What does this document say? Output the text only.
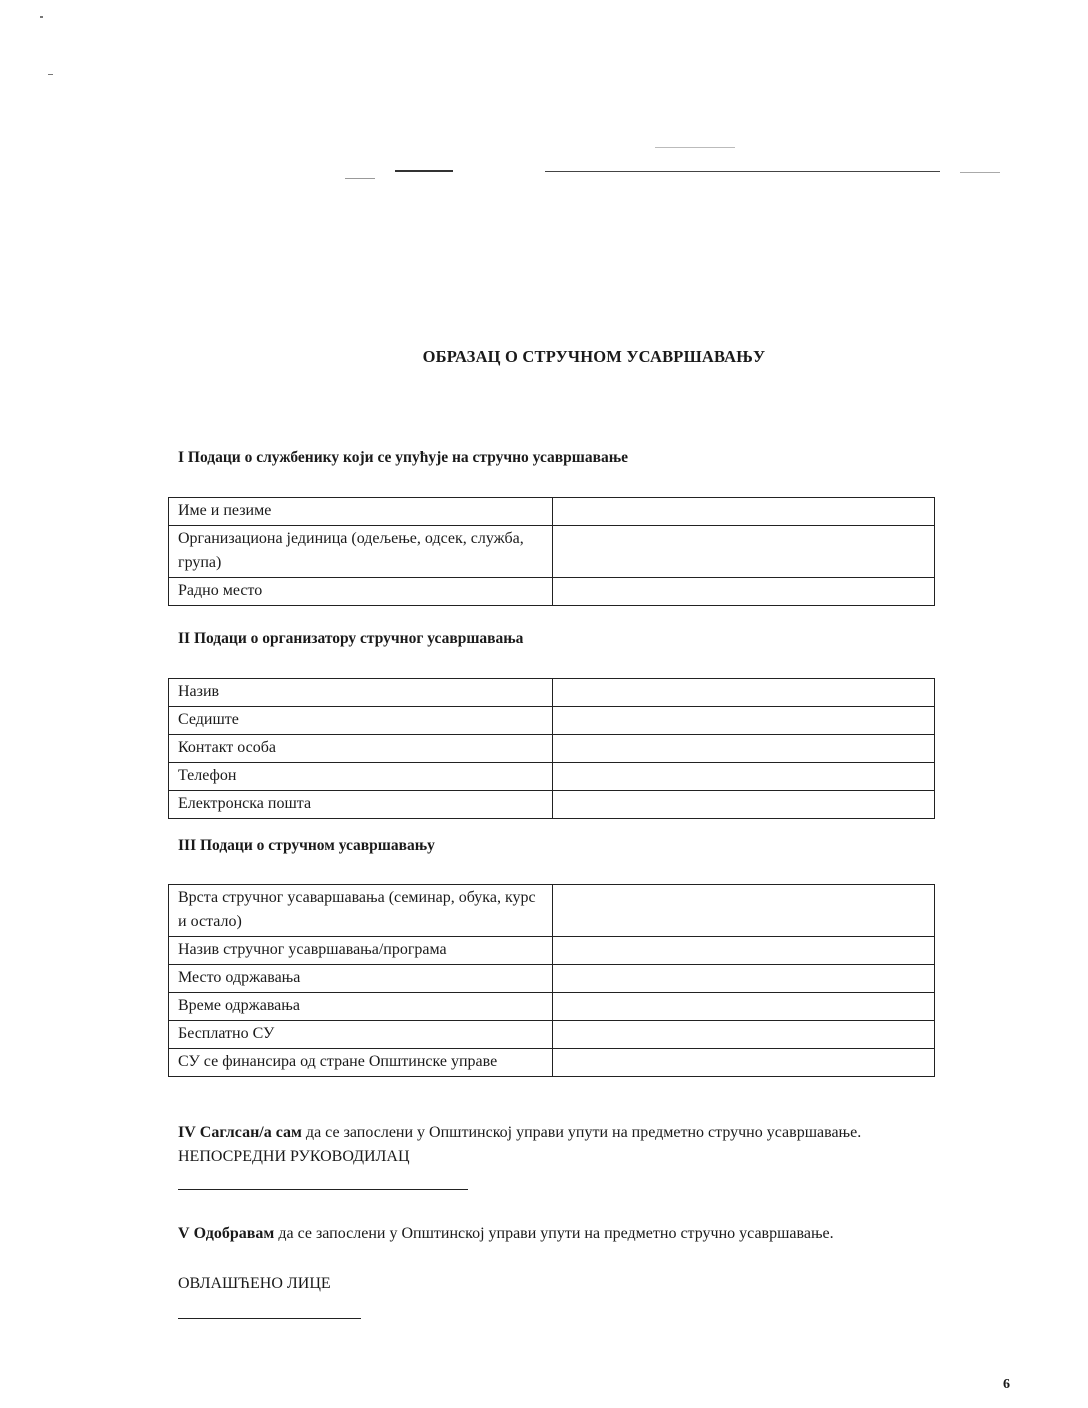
ОБРАЗАЦ О СТРУЧНОМ УСАВРШАВАЊУ
I Подаци о службенику који се упућује на стручно усавршавање
Име и пезиме	
Организациона јединица (одељење, одсек, служба, група)	
Радно место	
II Подаци о организатору стручног усавршавања
Назив	
Седиште	
Контакт особа	
Телефон	
Електронска пошта	
III Подаци о стручном усавршавању
Врста стручног усаваршавања (семинар, обука, курс и остало)	
Назив стручног усавршавања/програма	
Место одржавања	
Време одржавања	
Бесплатно СУ	
СУ се финансира од стране Општинске управе	
IV Саглсан/а сам да се запослени у Општинској управи упути на предметно стручно усавршавање.
НЕПОСРЕДНИ РУКОВОДИЛАЦ
V Одобравам да се запослени у Општинској управи упути на предметно стручно усавршавање.
ОВЛАШЋЕНО ЛИЦЕ
6
